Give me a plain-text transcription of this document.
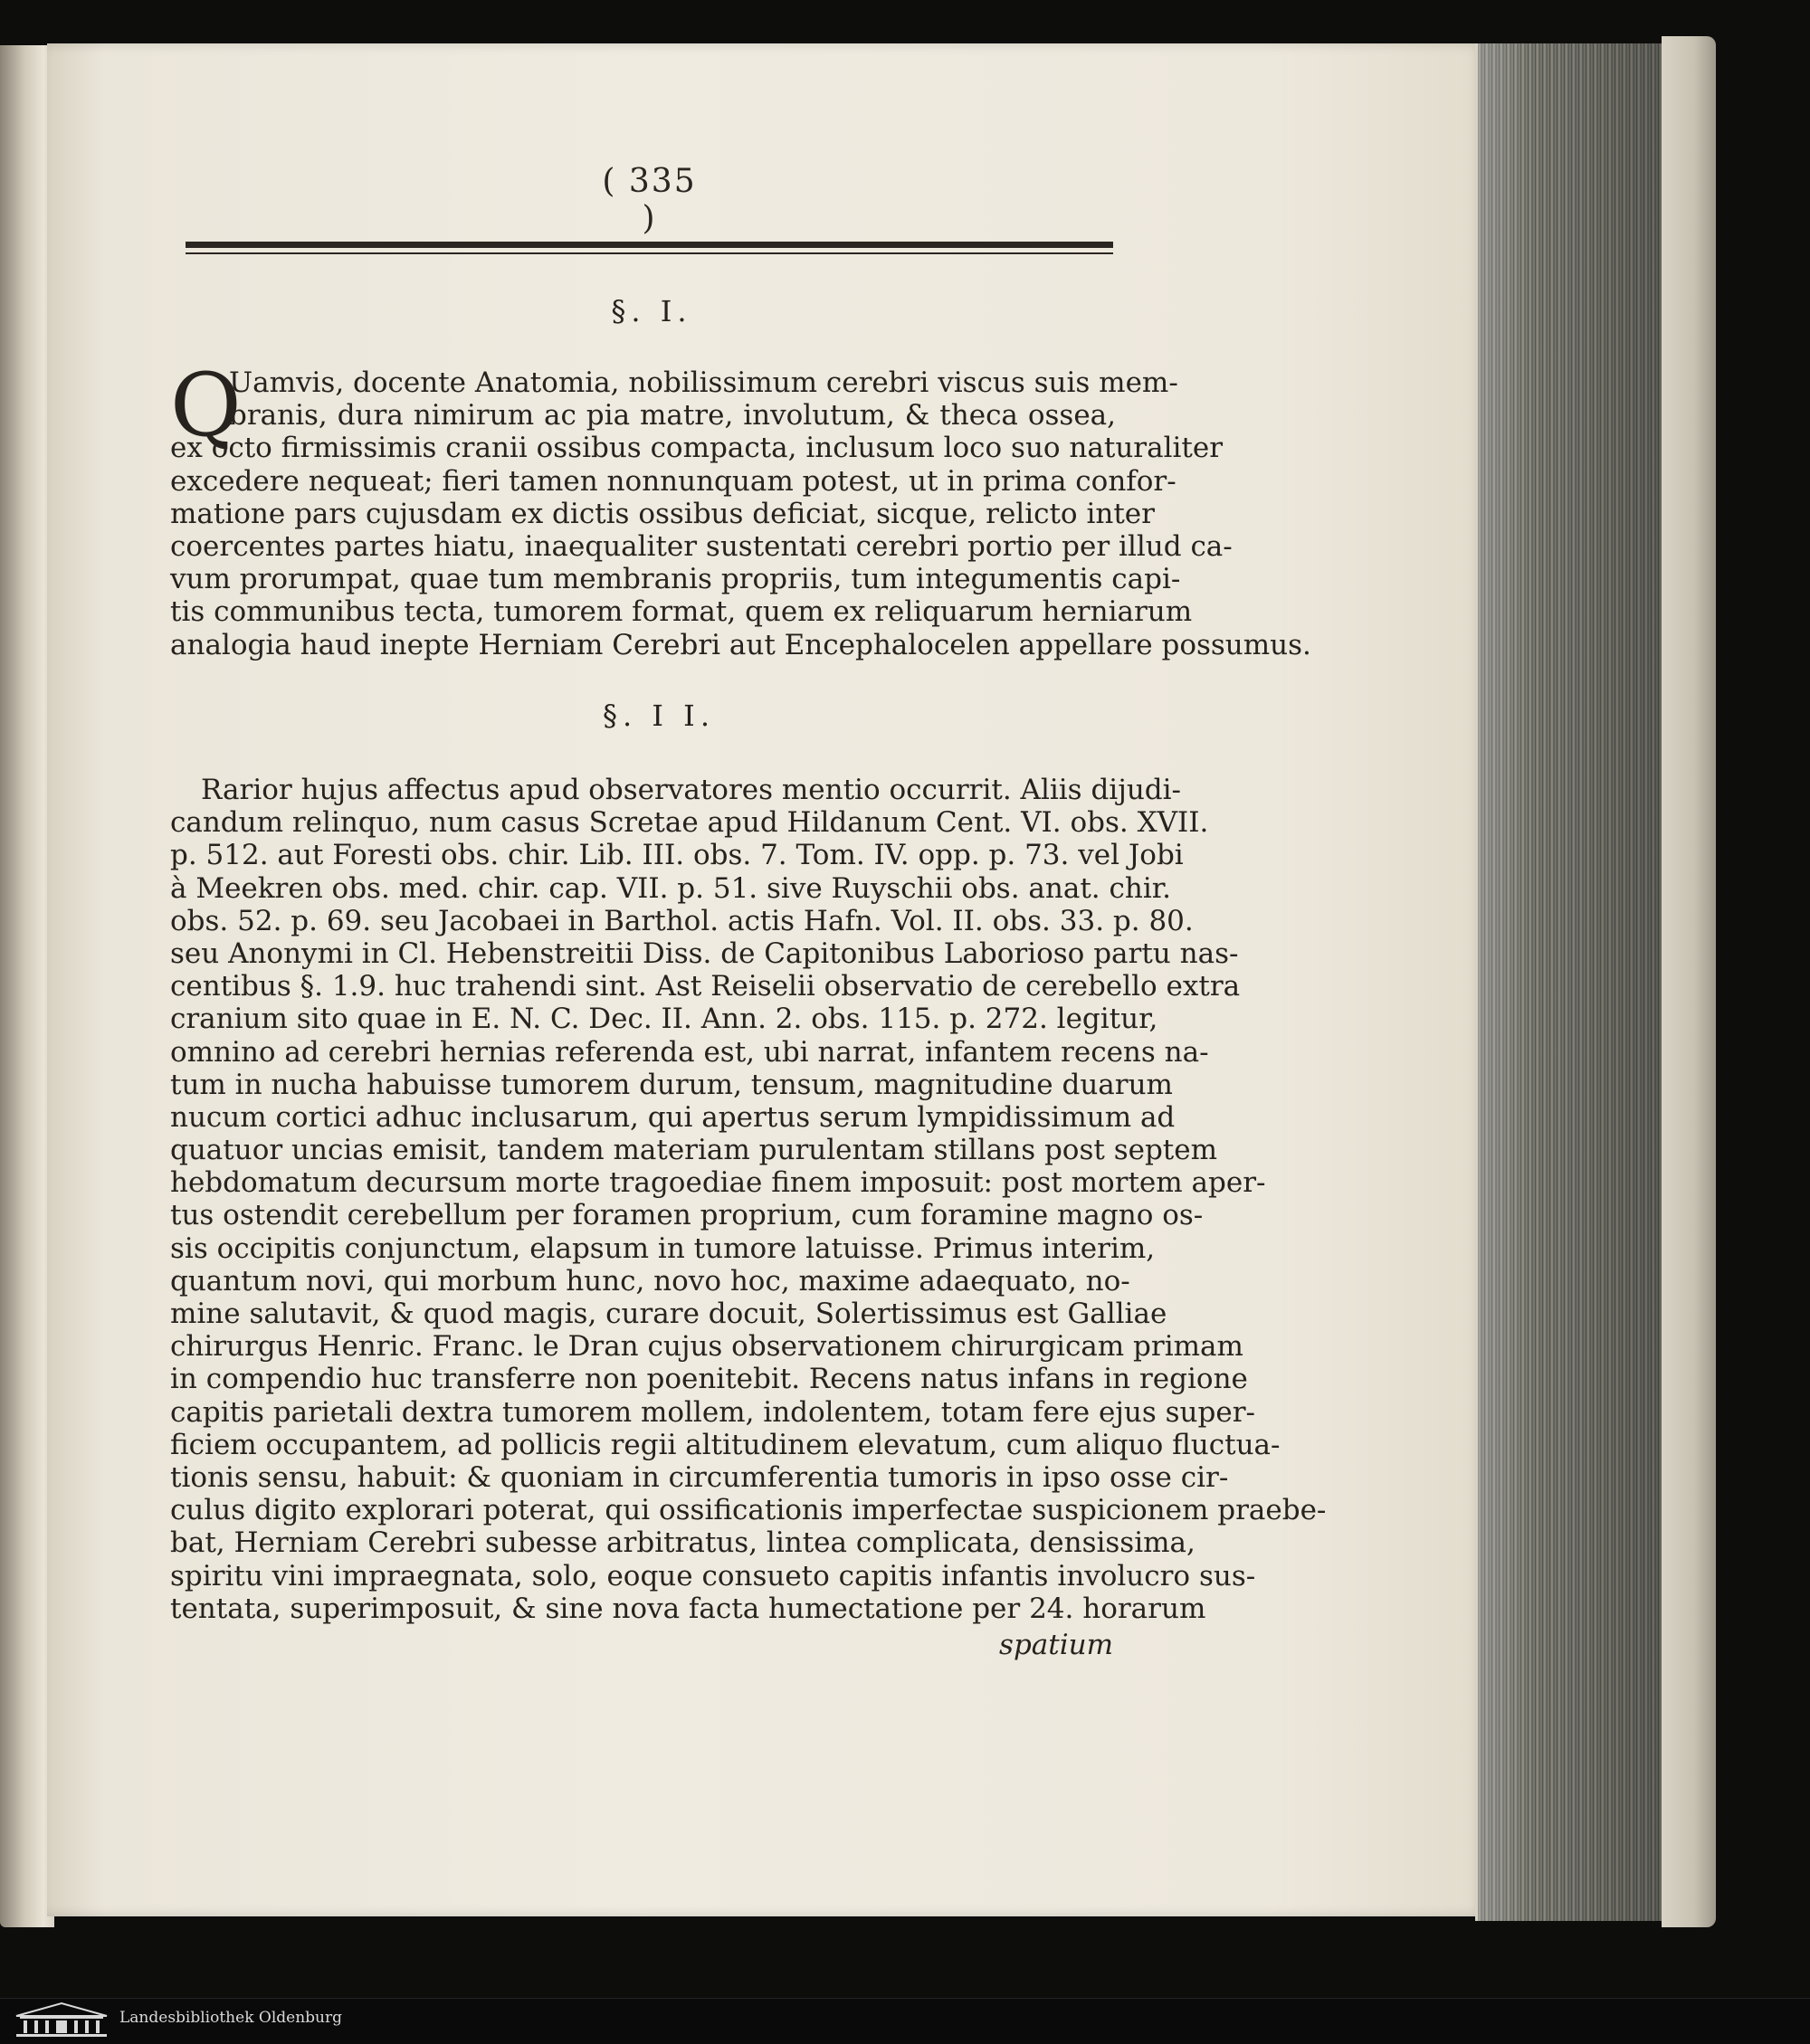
( 335 )
§. I.
Q
Uamvis, docente Anatomia, nobilissimum cerebri viscus suis mem-
branis, dura nimirum ac pia matre, involutum, & theca ossea,
ex octo firmissimis cranii ossibus compacta, inclusum loco suo naturaliter
excedere nequeat; fieri tamen nonnunquam potest, ut in prima confor-
matione pars cujusdam ex dictis ossibus deficiat, sicque, relicto inter
coercentes partes hiatu, inaequaliter sustentati cerebri portio per illud ca-
vum prorumpat, quae tum membranis propriis, tum integumentis capi-
tis communibus tecta, tumorem format, quem ex reliquarum herniarum
analogia haud inepte Herniam Cerebri aut Encephalocelen appellare possumus.
§. I I.
Rarior hujus affectus apud observatores mentio occurrit. Aliis dijudi-
candum relinquo, num casus Scretae apud Hildanum Cent. VI. obs. XVII.
p. 512. aut Foresti obs. chir. Lib. III. obs. 7. Tom. IV. opp. p. 73. vel Jobi
à Meekren obs. med. chir. cap. VII. p. 51. sive Ruyschii obs. anat. chir.
obs. 52. p. 69. seu Jacobaei in Barthol. actis Hafn. Vol. II. obs. 33. p. 80.
seu Anonymi in Cl. Hebenstreitii Diss. de Capitonibus Laborioso partu nas-
centibus §. 1.9. huc trahendi sint. Ast Reiselii observatio de cerebello extra
cranium sito quae in E. N. C. Dec. II. Ann. 2. obs. 115. p. 272. legitur,
omnino ad cerebri hernias referenda est, ubi narrat, infantem recens na-
tum in nucha habuisse tumorem durum, tensum, magnitudine duarum
nucum cortici adhuc inclusarum, qui apertus serum lympidissimum ad
quatuor uncias emisit, tandem materiam purulentam stillans post septem
hebdomatum decursum morte tragoediae finem imposuit: post mortem aper-
tus ostendit cerebellum per foramen proprium, cum foramine magno os-
sis occipitis conjunctum, elapsum in tumore latuisse. Primus interim,
quantum novi, qui morbum hunc, novo hoc, maxime adaequato, no-
mine salutavit, & quod magis, curare docuit, Solertissimus est Galliae
chirurgus Henric. Franc. le Dran cujus observationem chirurgicam primam
in compendio huc transferre non poenitebit. Recens natus infans in regione
capitis parietali dextra tumorem mollem, indolentem, totam fere ejus super-
ficiem occupantem, ad pollicis regii altitudinem elevatum, cum aliquo fluctua-
tionis sensu, habuit: & quoniam in circumferentia tumoris in ipso osse cir-
culus digito explorari poterat, qui ossificationis imperfectae suspicionem praebe-
bat, Herniam Cerebri subesse arbitratus, lintea complicata, densissima,
spiritu vini impraegnata, solo, eoque consueto capitis infantis involucro sus-
tentata, superimposuit, & sine nova facta humectatione per 24. horarum
spatium
Landesbibliothek Oldenburg
